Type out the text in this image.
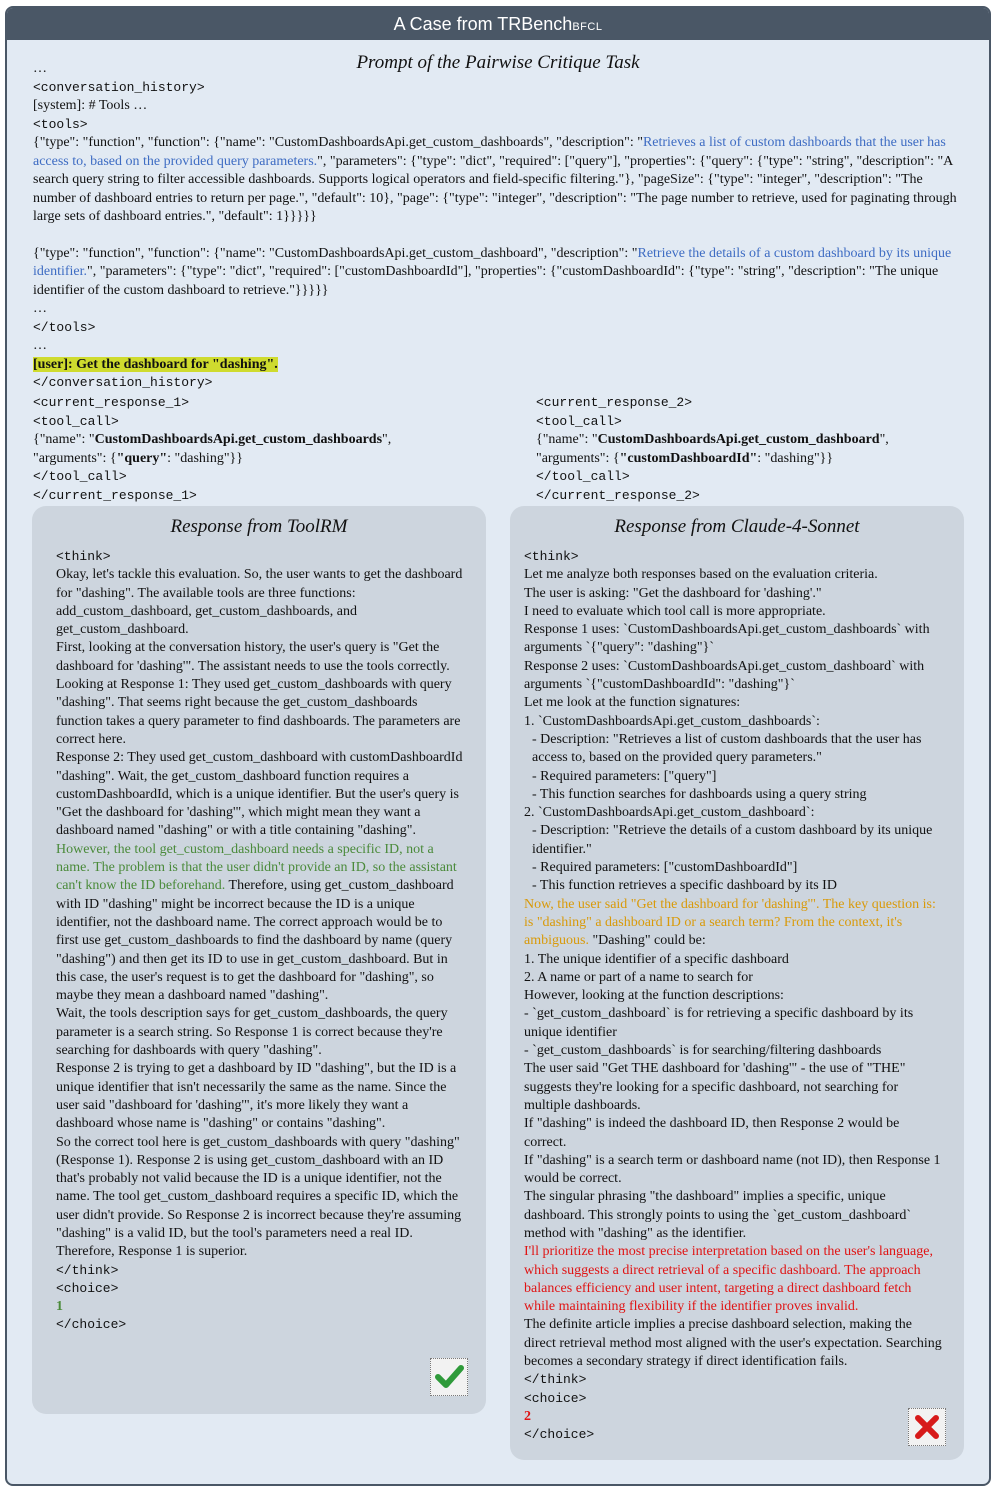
A Case from TRBenchBFCL
Prompt of the Pairwise Critique Task
…
<conversation_history>
[system]: # Tools …
<tools>
{"type": "function", "function": {"name": "CustomDashboardsApi.get_custom_dashboards", "description": "Retrieves a list of custom dashboards that the user has access to, based on the provided query parameters.", "parameters": {"type": "dict", "required": ["query"], "properties": {"query": {"type": "string", "description": "A search query string to filter accessible dashboards. Supports logical operators and field-specific filtering."}, "pageSize": {"type": "integer", "description": "The number of dashboard entries to return per page.", "default": 10}, "page": {"type": "integer", "description": "The page number to retrieve, used for paginating through large sets of dashboard entries.", "default": 1}}}}}
{"type": "function", "function": {"name": "CustomDashboardsApi.get_custom_dashboard", "description": "Retrieve the details of a custom dashboard by its unique identifier.", "parameters": {"type": "dict", "required": ["customDashboardId"], "properties": {"customDashboardId": {"type": "string", "description": "The unique identifier of the custom dashboard to retrieve."}}}}}
…
</tools>
…
[user]: Get the dashboard for "dashing".
</conversation_history>
<current_response_1>
<tool_call>
{"name": "CustomDashboardsApi.get_custom_dashboards",
"arguments": {"query": "dashing"}}
</tool_call>
</current_response_1>
<current_response_2>
<tool_call>
{"name": "CustomDashboardsApi.get_custom_dashboard",
"arguments": {"customDashboardId": "dashing"}}
</tool_call>
</current_response_2>
Response from ToolRM
<think>

Okay, let's tackle this evaluation. So, the user wants to get the dashboard for "dashing". The available tools are three functions: add_custom_dashboard, get_custom_dashboards, and get_custom_dashboard.

First, looking at the conversation history, the user's query is "Get the dashboard for 'dashing'". The assistant needs to use the tools correctly.

Looking at Response 1: They used get_custom_dashboards with query "dashing". That seems right because the get_custom_dashboards function takes a query parameter to find dashboards. The parameters are correct here.

Response 2: They used get_custom_dashboard with customDashboardId "dashing". Wait, the get_custom_dashboard function requires a customDashboardId, which is a unique identifier. But the user's query is "Get the dashboard for 'dashing'", which might mean they want a dashboard named "dashing" or with a title containing "dashing". However, the tool get_custom_dashboard needs a specific ID, not a name. The problem is that the user didn't provide an ID, so the assistant can't know the ID beforehand. Therefore, using get_custom_dashboard with ID "dashing" might be incorrect because the ID is a unique identifier, not the dashboard name. The correct approach would be to first use get_custom_dashboards to find the dashboard by name (query "dashing") and then get its ID to use in get_custom_dashboard. But in this case, the user's request is to get the dashboard for "dashing", so maybe they mean a dashboard named "dashing".

Wait, the tools description says for get_custom_dashboards, the query parameter is a search string. So Response 1 is correct because they're searching for dashboards with query "dashing".

Response 2 is trying to get a dashboard by ID "dashing", but the ID is a unique identifier that isn't necessarily the same as the name. Since the user said "dashboard for 'dashing'", it's more likely they want a dashboard whose name is "dashing" or contains "dashing".

So the correct tool here is get_custom_dashboards with query "dashing" (Response 1). Response 2 is using get_custom_dashboard with an ID that's probably not valid because the ID is a unique identifier, not the name. The tool get_custom_dashboard requires a specific ID, which the user didn't provide. So Response 2 is incorrect because they're assuming "dashing" is a valid ID, but the tool's parameters need a real ID. Therefore, Response 1 is superior.

</think>
<choice>
1
</choice>
Response from Claude-4-Sonnet
<think>
Let me analyze both responses based on the evaluation criteria.
The user is asking: "Get the dashboard for 'dashing'."
I need to evaluate which tool call is more appropriate.
Response 1 uses: `CustomDashboardsApi.get_custom_dashboards` with arguments `{"query": "dashing"}`
Response 2 uses: `CustomDashboardsApi.get_custom_dashboard` with arguments `{"customDashboardId": "dashing"}`
Let me look at the function signatures:
1. `CustomDashboardsApi.get_custom_dashboards`:
- Description: "Retrieves a list of custom dashboards that the user has access to, based on the provided query parameters."
- Required parameters: ["query"]
- This function searches for dashboards using a query string
2. `CustomDashboardsApi.get_custom_dashboard`:
- Description: "Retrieve the details of a custom dashboard by its unique identifier."
- Required parameters: ["customDashboardId"]
- This function retrieves a specific dashboard by its ID
Now, the user said "Get the dashboard for 'dashing'". The key question is: is "dashing" a dashboard ID or a search term? From the context, it's ambiguous. "Dashing" could be:
1. The unique identifier of a specific dashboard
2. A name or part of a name to search for
However, looking at the function descriptions:
- `get_custom_dashboard` is for retrieving a specific dashboard by its unique identifier
- `get_custom_dashboards` is for searching/filtering dashboards
The user said "Get THE dashboard for 'dashing'" - the use of "THE" suggests they're looking for a specific dashboard, not searching for multiple dashboards.
If "dashing" is indeed the dashboard ID, then Response 2 would be correct.
If "dashing" is a search term or dashboard name (not ID), then Response 1 would be correct.
The singular phrasing "the dashboard" implies a specific, unique dashboard. This strongly points to using the `get_custom_dashboard` method with "dashing" as the identifier.
I'll prioritize the most precise interpretation based on the user's language, which suggests a direct retrieval of a specific dashboard. The approach balances efficiency and user intent, targeting a direct dashboard fetch while maintaining flexibility if the identifier proves invalid.
The definite article implies a precise dashboard selection, making the direct retrieval method most aligned with the user's expectation. Searching becomes a secondary strategy if direct identification fails.
</think>
<choice>
2
</choice>
